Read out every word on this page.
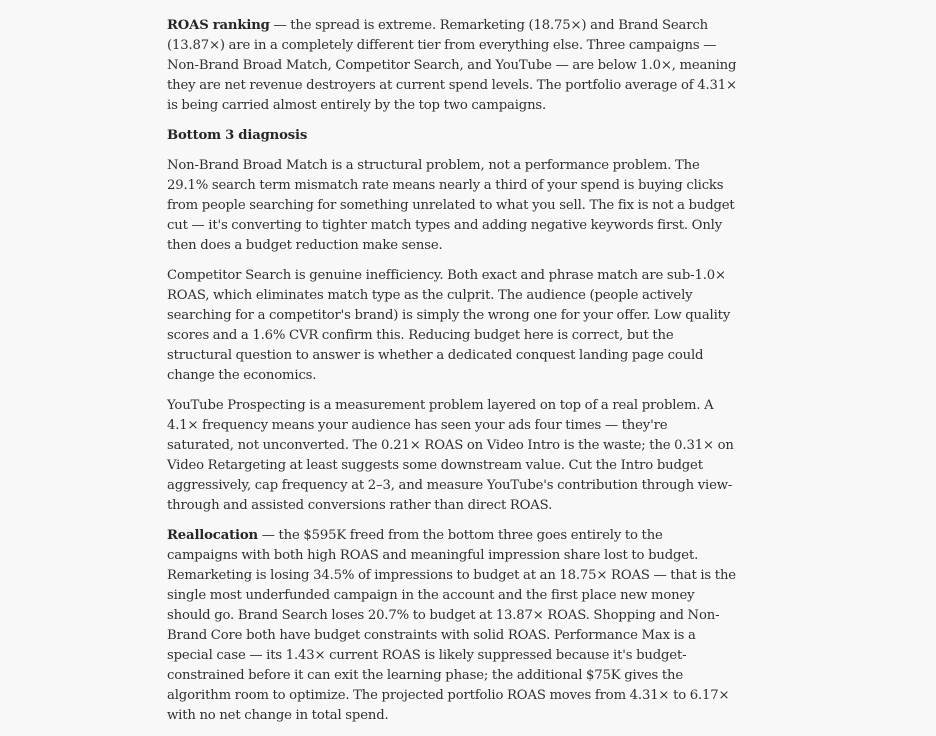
ROAS ranking — the spread is extreme. Remarketing (18.75×) and Brand Search (13.87×) are in a completely different tier from everything else. Three campaigns — Non-Brand Broad Match, Competitor Search, and YouTube — are below 1.0×, meaning they are net revenue destroyers at current spend levels. The portfolio average of 4.31× is being carried almost entirely by the top two campaigns.

Bottom 3 diagnosis

Non-Brand Broad Match is a structural problem, not a performance problem. The 29.1% search term mismatch rate means nearly a third of your spend is buying clicks from people searching for something unrelated to what you sell. The fix is not a budget cut — it's converting to tighter match types and adding negative keywords first. Only then does a budget reduction make sense.

Competitor Search is genuine inefficiency. Both exact and phrase match are sub-1.0× ROAS, which eliminates match type as the culprit. The audience (people actively searching for a competitor's brand) is simply the wrong one for your offer. Low quality scores and a 1.6% CVR confirm this. Reducing budget here is correct, but the structural question to answer is whether a dedicated conquest landing page could change the economics.

YouTube Prospecting is a measurement problem layered on top of a real problem. A 4.1× frequency means your audience has seen your ads four times — they're saturated, not unconverted. The 0.21× ROAS on Video Intro is the waste; the 0.31× on Video Retargeting at least suggests some downstream value. Cut the Intro budget aggressively, cap frequency at 2–3, and measure YouTube's contribution through view-through and assisted conversions rather than direct ROAS.

Reallocation — the $595K freed from the bottom three goes entirely to the campaigns with both high ROAS and meaningful impression share lost to budget. Remarketing is losing 34.5% of impressions to budget at an 18.75× ROAS — that is the single most underfunded campaign in the account and the first place new money should go. Brand Search loses 20.7% to budget at 13.87× ROAS. Shopping and Non-Brand Core both have budget constraints with solid ROAS. Performance Max is a special case — its 1.43× current ROAS is likely suppressed because it's budget-constrained before it can exit the learning phase; the additional $75K gives the algorithm room to optimize. The projected portfolio ROAS moves from 4.31× to 6.17× with no net change in total spend.
